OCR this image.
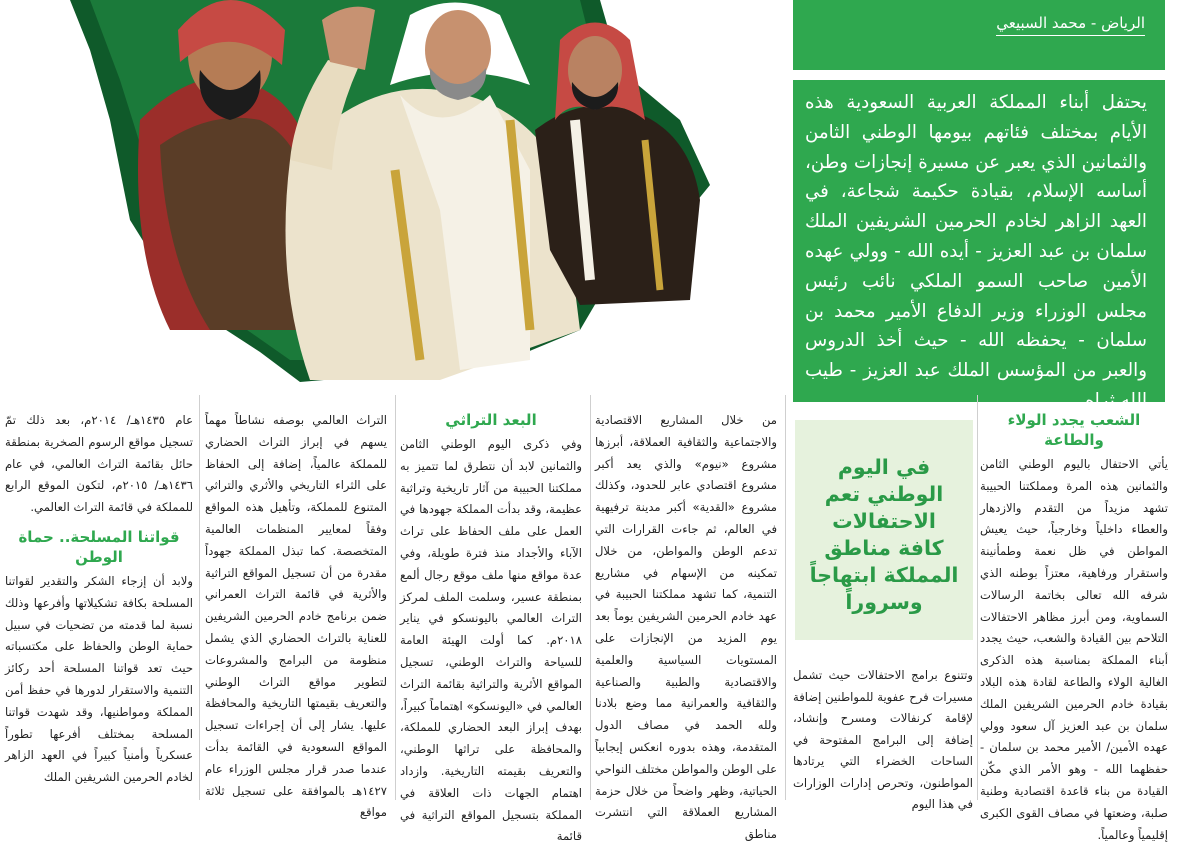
الرياض - محمد السبيعي
يحتفل أبناء المملكة العربية السعودية هذه الأيام بمختلف فئاتهم بيومها الوطني الثامن والثمانين الذي يعبر عن مسيرة إنجازات وطن، أساسه الإسلام، بقيادة حكيمة شجاعة، في العهد الزاهر لخادم الحرمين الشريفين الملك سلمان بن عبد العزيز - أيده الله - وولي عهده الأمين صاحب السمو الملكي نائب رئيس مجلس الوزراء وزير الدفاع الأمير محمد بن سلمان - يحفظه الله - حيث أخذ الدروس والعبر من المؤسس الملك عبد العزيز - طيب الله ثراه.
الشعب يجدد الولاء والطاعة

يأتي الاحتفال باليوم الوطني الثامن والثمانين هذه المرة ومملكتنا الحبيبة تشهد مزيداً من التقدم والازدهار والعطاء داخلياً وخارجياً، حيث يعيش المواطن في ظل نعمة وطمأنينة واستقرار ورفاهية، معتزاً بوطنه الذي شرفه الله تعالى بخاتمة الرسالات السماوية، ومن أبرز مظاهر الاحتفالات التلاحم بين القيادة والشعب، حيث يجدد أبناء المملكة بمناسبة هذه الذكرى الغالية الولاء والطاعة لقادة هذه البلاد بقيادة خادم الحرمين الشريفين الملك سلمان بن عبد العزيز آل سعود وولي عهده الأمين/ الأمير محمد بن سلمان - حفظهما الله - وهو الأمر الذي مكّن القيادة من بناء قاعدة اقتصادية وطنية صلبة، وضعتها في مصاف القوى الكبرى إقليمياً وعالمياً.

في اليوم الوطني تعم الاحتفالات كافة مناطق المملكة ابتهاجاً وسروراً
وتتنوع برامج الاحتفالات حيث تشمل مسيرات فرح عفوية للمواطنين إضافة لإقامة كرنفالات ومسرح وإنشاد، إضافة إلى البرامج المفتوحة في الساحات الخضراء التي يرتادها المواطنون، وتحرص إدارات الوزارات في هذا اليوم

من خلال المشاريع الاقتصادية والاجتماعية والثقافية العملاقة، أبرزها مشروع «نيوم» والذي يعد أكبر مشروع اقتصادي عابر للحدود، وكذلك مشروع «القدية» أكبر مدينة ترفيهية في العالم، ثم جاءت القرارات التي تدعم الوطن والمواطن، من خلال تمكينه من الإسهام في مشاريع التنمية، كما تشهد مملكتنا الحبيبة في عهد خادم الحرمين الشريفين يوماً بعد يوم المزيد من الإنجازات على المستويات السياسية والعلمية والاقتصادية والطبية والصناعية والثقافية والعمرانية مما وضع بلادنا ولله الحمد في مصاف الدول المتقدمة، وهذه بدوره انعكس إيجابياً على الوطن والمواطن مختلف النواحي الحياتية، وظهر واضحاً من خلال حزمة المشاريع العملاقة التي انتشرت مناطق

البعد التراثي

وفي ذكرى اليوم الوطني الثامن والثمانين لابد أن نتطرق لما تتميز به مملكتنا الحبيبة من آثار تاريخية وتراثية عظيمة، وقد بدأت المملكة جهودها في العمل على ملف الحفاظ على تراث الآباء والأجداد منذ فترة طويلة، وفي عدة مواقع منها ملف موقع رجال ألمع بمنطقة عسير، وسلمت الملف لمركز التراث العالمي باليونسكو في يناير ٢٠١٨م. كما أولت الهيئة العامة للسياحة والتراث الوطني، تسجيل المواقع الأثرية والتراثية بقائمة التراث العالمي في «اليونسكو» اهتماماً كبيراً، بهدف إبراز البعد الحضاري للمملكة، والمحافظة على تراثها الوطني، والتعريف بقيمته التاريخية. وازداد اهتمام الجهات ذات العلاقة في المملكة بتسجيل المواقع التراثية في قائمة

التراث العالمي بوصفه نشاطاً مهماً يسهم في إبراز التراث الحضاري للمملكة عالمياً، إضافة إلى الحفاظ على الثراء التاريخي والأثري والتراثي المتنوع للمملكة، وتأهيل هذه المواقع وفقاً لمعايير المنظمات العالمية المتخصصة. كما تبذل المملكة جهوداً مقدرة من أن تسجيل المواقع التراثية والأثرية في قائمة التراث العمراني ضمن برنامج خادم الحرمين الشريفين للعناية بالتراث الحضاري الذي يشمل منظومة من البرامج والمشروعات لتطوير مواقع التراث الوطني والتعريف بقيمتها التاريخية والمحافظة عليها. يشار إلى أن إجراءات تسجيل المواقع السعودية في القائمة بدأت عندما صدر قرار مجلس الوزراء عام ١٤٢٧هـ بالموافقة على تسجيل ثلاثة مواقع

عام ١٤٣٥هـ/ ٢٠١٤م، بعد ذلك تمّ تسجيل مواقع الرسوم الصخرية بمنطقة حائل بقائمة التراث العالمي، في عام ١٤٣٦هـ/ ٢٠١٥م، لتكون الموقع الرابع للمملكة في قائمة التراث العالمي.

قواتنا المسلحة.. حماة الوطن

ولابد أن إزجاء الشكر والتقدير لقواتنا المسلحة بكافة تشكيلاتها وأفرعها وذلك نسبة لما قدمته من تضحيات في سبيل حماية الوطن والحفاظ على مكتسباته حيث تعد قواتنا المسلحة أحد ركائز التنمية والاستقرار لدورها في حفظ أمن المملكة ومواطنيها، وقد شهدت قواتنا المسلحة بمختلف أفرعها تطوراً عسكرياً وأمنياً كبيراً في العهد الزاهر لخادم الحرمين الشريفين الملك
